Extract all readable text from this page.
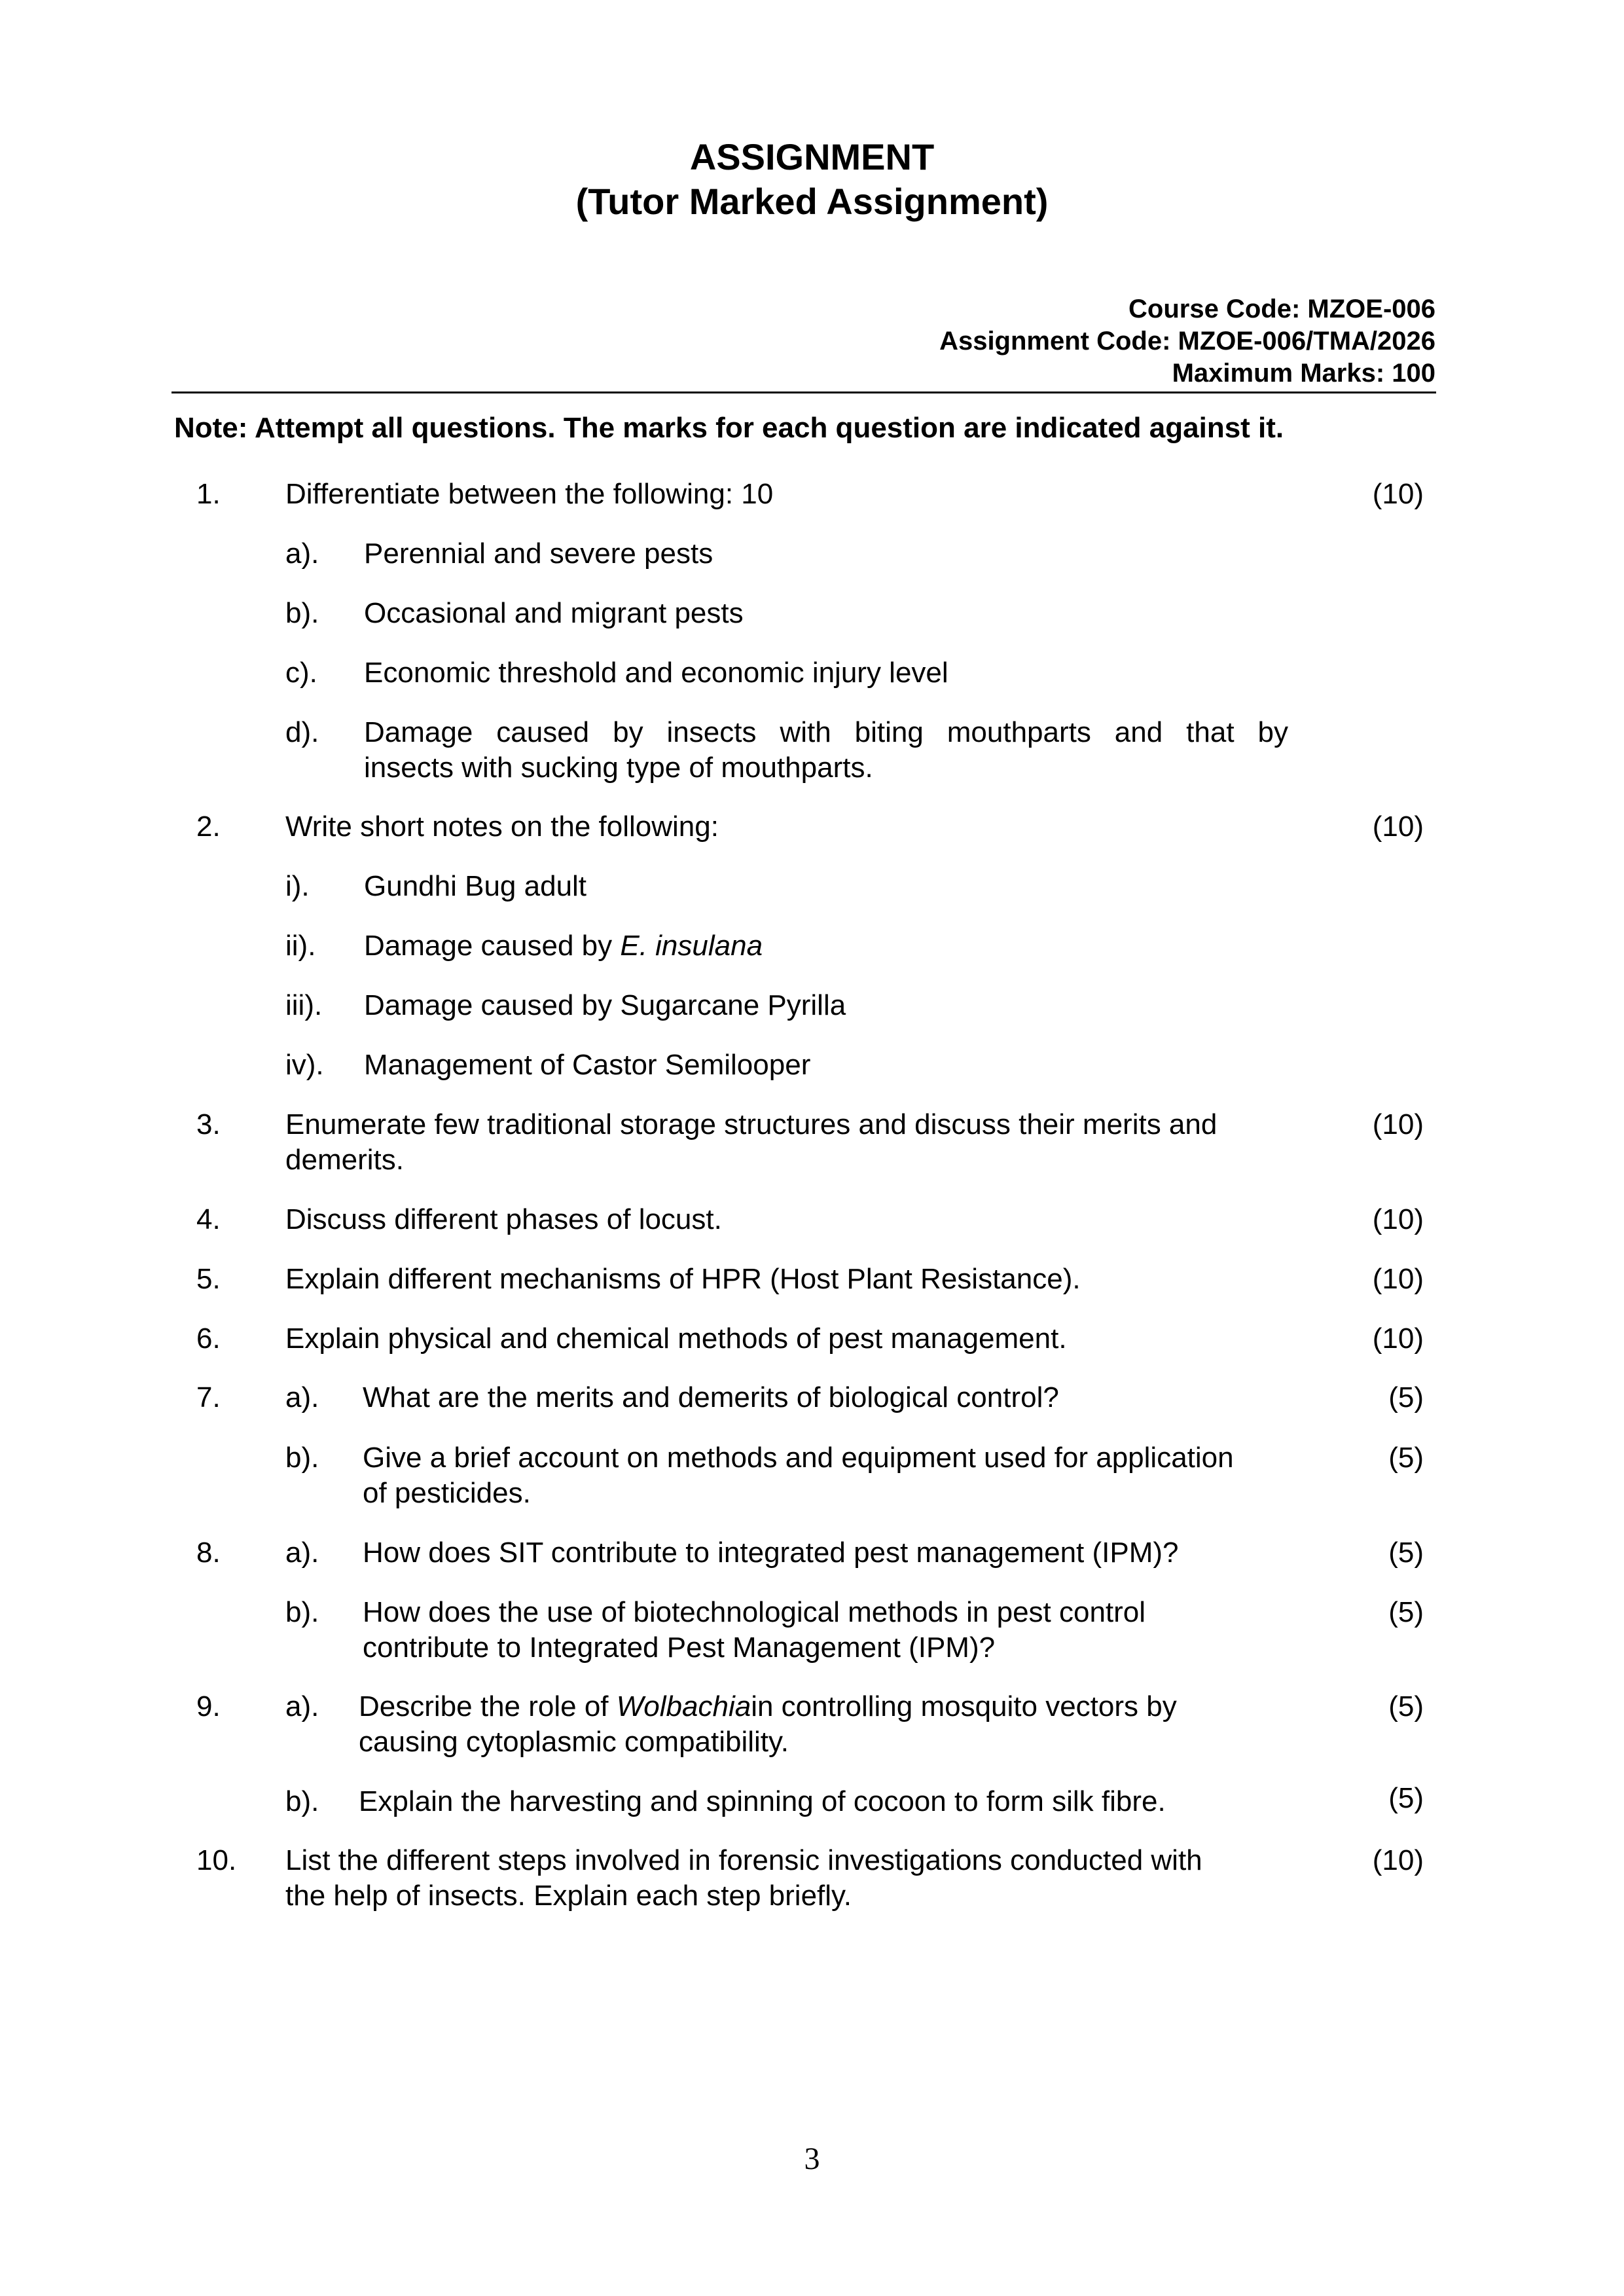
ASSIGNMENT
(Tutor Marked Assignment)
Course Code: MZOE-006
Assignment Code: MZOE-006/TMA/2026
Maximum Marks: 100
Note: Attempt all questions. The marks for each question are indicated against it.
1. Differentiate between the following: 10	(10)
a). Perennial and severe pests
b). Occasional and migrant pests
c). Economic threshold and economic injury level
d). Damage caused by insects with biting mouthparts and that by
insects with sucking type of mouthparts.
2. Write short notes on the following:	(10)
i). Gundhi Bug adult
ii). Damage caused by E. insulana
iii). Damage caused by Sugarcane Pyrilla
iv). Management of Castor Semilooper
3. Enumerate few traditional storage structures and discuss their merits and
demerits.
(10)
4. Discuss different phases of locust.	(10)
5. Explain different mechanisms of HPR (Host Plant Resistance).	(10)
6. Explain physical and chemical methods of pest management.	(10)
7. a). What are the merits and demerits of biological control?	(5)
b). Give a brief account on methods and equipment used for application
of pesticides.
(5)
8. a). How does SIT contribute to integrated pest management (IPM)?	(5)
b). How does the use of biotechnological methods in pest control
contribute to Integrated Pest Management (IPM)?
(5)
9. a). Describe the role of Wolbachiain controlling mosquito vectors by
causing cytoplasmic compatibility.
(5)
b). Explain the harvesting and spinning of cocoon to form silk fibre.	(5)
10. List the different steps involved in forensic investigations conducted with
the help of insects. Explain each step briefly.
(10)
3
